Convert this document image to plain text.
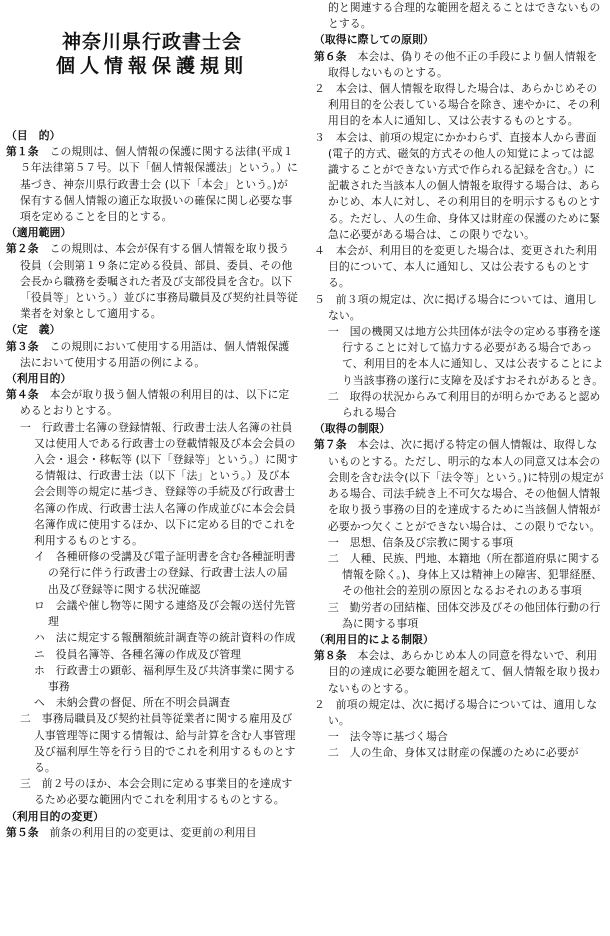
神奈川県行政書士会
個人情報保護規則

（目　的）

第１条　この規則は、個人情報の保護に関する法律(平成１５年法律第５７号。以下「個人情報保護法」という。）に基づき、神奈川県行政書士会 (以下「本会」という。)が保有する個人情報の適正な取扱いの確保に関し必要な事項を定めることを目的とする。

（適用範囲）

第２条　この規則は、本会が保有する個人情報を取り扱う役員（会則第１９条に定める役員、部員、委員、その他会長から職務を委嘱された者及び支部役員を含む。以下「役員等」という。）並びに事務局職員及び契約社員等従業者を対象として適用する。

（定　義）

第３条　この規則において使用する用語は、個人情報保護法において使用する用語の例による。

（利用目的）

第４条　本会が取り扱う個人情報の利用目的は、以下に定めるとおりとする。

一　行政書士名簿の登録情報、行政書士法人名簿の社員又は使用人である行政書士の登載情報及び本会会員の入会・退会・移転等 (以下「登録等」という。）に関する情報は、行政書士法（以下「法」という。）及び本会会則等の規定に基づき、登録等の手続及び行政書士名簿の作成、行政書士法人名簿の作成並びに本会会員名簿作成に使用するほか、以下に定める目的でこれを利用するものとする。

イ　各種研修の受講及び電子証明書を含む各種証明書の発行に伴う行政書士の登録、行政書士法人の届出及び登録等に関する状況確認

ロ　会議や催し物等に関する連絡及び会報の送付先管理

ハ　法に規定する報酬額統計調査等の統計資料の作成

ニ　役員名簿等、各種名簿の作成及び管理

ホ　行政書士の顕彰、福利厚生及び共済事業に関する事務

ヘ　未納会費の督促、所在不明会員調査

二　事務局職員及び契約社員等従業者に関する雇用及び人事管理等に関する情報は、給与計算を含む人事管理及び福利厚生等を行う目的でこれを利用するものとする。

三　前２号のほか、本会会則に定める事業目的を達成するため必要な範囲内でこれを利用するものとする。

（利用目的の変更）

第５条　前条の利用目的の変更は、変更前の利用目

的と関連する合理的な範囲を超えることはできないものとする。

（取得に際しての原則）

第６条　本会は、偽りその他不正の手段により個人情報を取得しないものとする。

２　本会は、個人情報を取得した場合は、あらかじめその利用目的を公表している場合を除き、速やかに、その利用目的を本人に通知し、又は公表するものとする。

３　本会は、前項の規定にかかわらず、直接本人から書面(電子的方式、磁気的方式その他人の知覚によっては認識することができない方式で作られる記録を含む。）に記載された当該本人の個人情報を取得する場合は、あらかじめ、本人に対し、その利用目的を明示するものとする。ただし、人の生命、身体又は財産の保護のために緊急に必要がある場合は、この限りでない。

４　本会が、利用目的を変更した場合は、変更された利用目的について、本人に通知し、又は公表するものとする。

５　前３項の規定は、次に掲げる場合については、適用しない。

一　国の機関又は地方公共団体が法令の定める事務を遂行することに対して協力する必要がある場合であって、利用目的を本人に通知し、又は公表することにより当該事務の遂行に支障を及ぼすおそれがあるとき。

二　取得の状況からみて利用目的が明らかであると認められる場合

（取得の制限）

第７条　本会は、次に掲げる特定の個人情報は、取得しないものとする。ただし、明示的な本人の同意又は本会の会則を含む法令(以下「法令等」という。)に特別の規定がある場合、司法手続き上不可欠な場合、その他個人情報を取り扱う事務の目的を達成するために当該個人情報が必要かつ欠くことができない場合は、この限りでない。

一　思想、信条及び宗教に関する事項

二　人種、民族、門地、本籍地（所在都道府県に関する情報を除く。)、身体上又は精神上の障害、犯罪経歴、その他社会的差別の原因となるおそれのある事項

三　勤労者の団結権、団体交渉及びその他団体行動の行為に関する事項

（利用目的による制限）

第８条　本会は、あらかじめ本人の同意を得ないで、利用目的の達成に必要な範囲を超えて、個人情報を取り扱わないものとする。

２　前項の規定は、次に掲げる場合については、適用しない。

一　法令等に基づく場合

二　人の生命、身体又は財産の保護のために必要が
